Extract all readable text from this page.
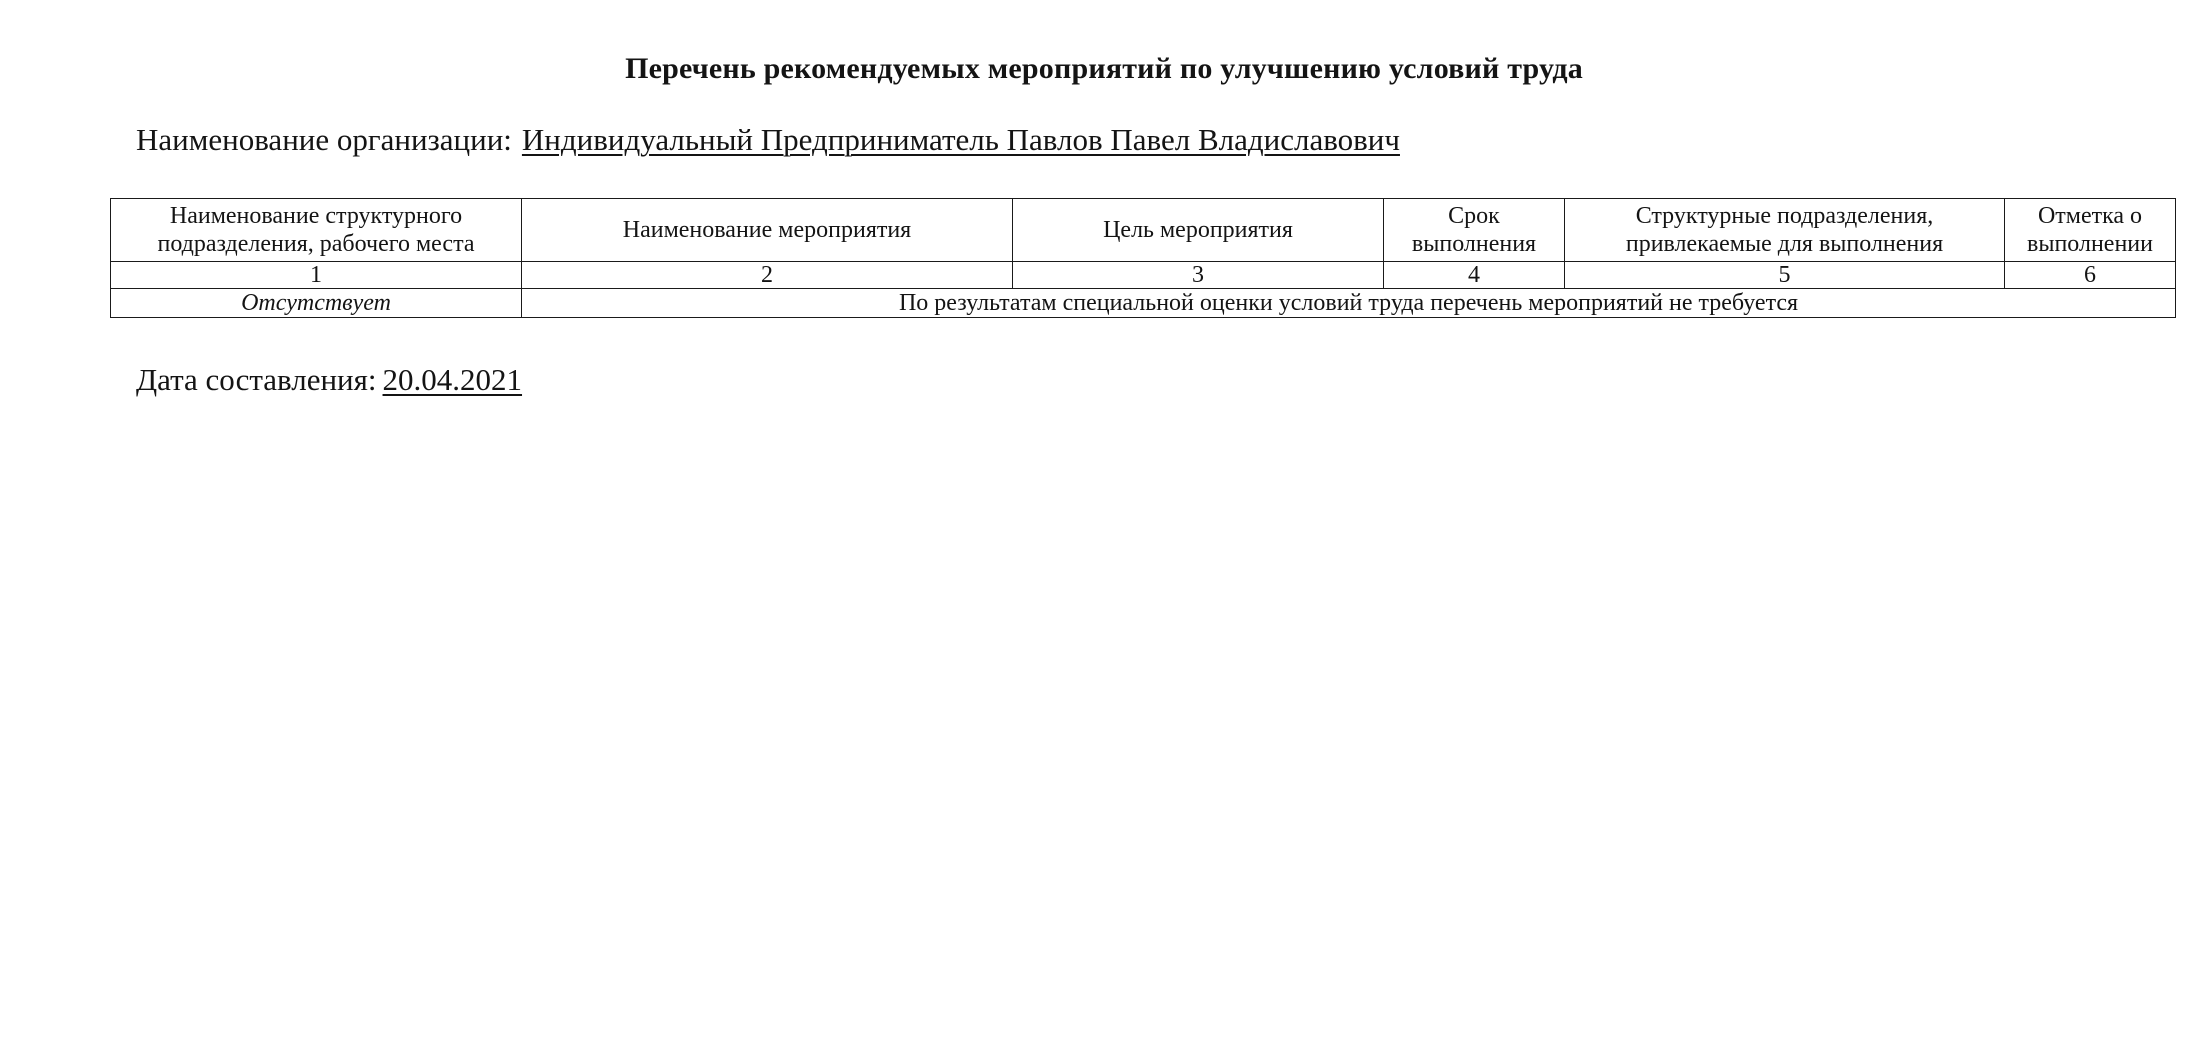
Перечень рекомендуемых мероприятий по улучшению условий труда
Наименование организации: Индивидуальный Предприниматель Павлов Павел Владиславович
Наименование структурного подразделения, рабочего места	Наименование мероприятия	Цель мероприятия	Срок выполнения	Структурные подразделения, привлекаемые для выполнения	Отметка о выполнении
1	2	3	4	5	6
Отсутствует	По результатам специальной оценки условий труда перечень мероприятий не требуется				
Дата составления: 20.04.2021
